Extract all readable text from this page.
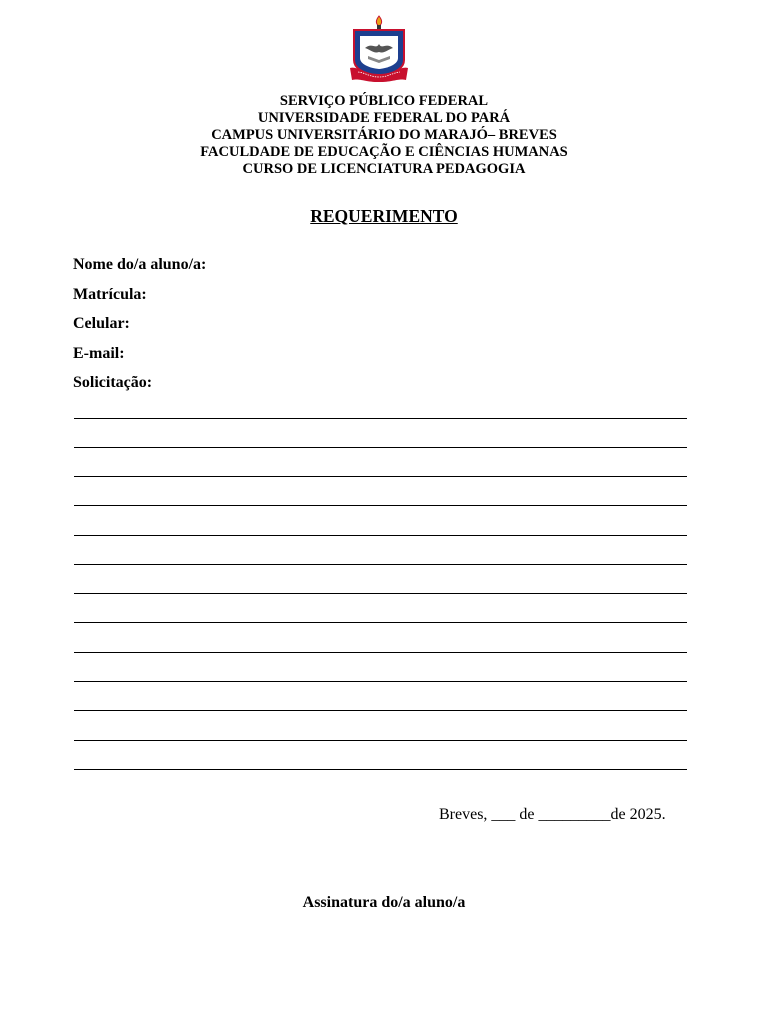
SERVIÇO PÚBLICO FEDERAL
UNIVERSIDADE FEDERAL DO PARÁ
CAMPUS UNIVERSITÁRIO DO MARAJÓ– BREVES
FACULDADE DE EDUCAÇÃO E CIÊNCIAS HUMANAS
CURSO DE LICENCIATURA PEDAGOGIA
REQUERIMENTO
Nome do/a aluno/a:
Matrícula:
Celular:
E-mail:
Solicitação:
Breves, ___ de _________de 2025.
Assinatura do/a aluno/a
